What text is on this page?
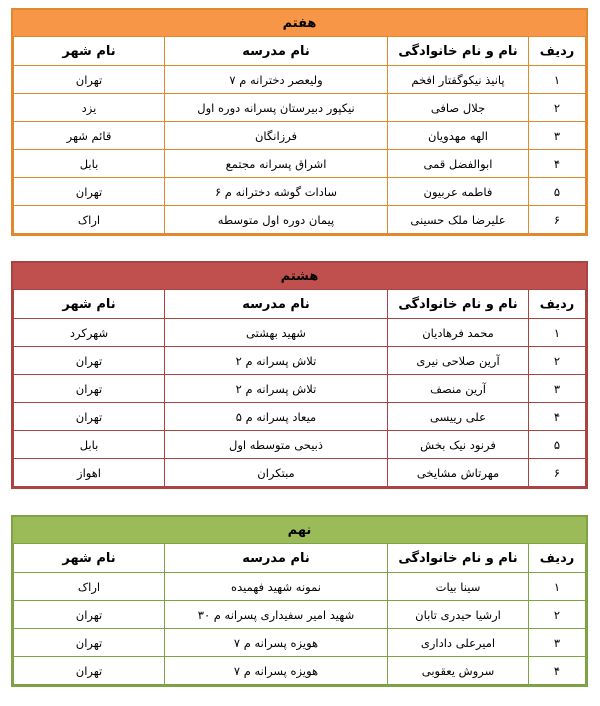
هفتم
ردیف	نام و نام خانوادگی	نام مدرسه	نام شهر
۱	پانیذ نیکوگفتار افخم	ولیعصر دخترانه م ۷	تهران
۲	جلال صافی	نیکپور دبیرستان پسرانه دوره اول	یزد
۳	الهه مهدویان	فرزانگان	قائم شهر
۴	ابوالفضل قمی	اشراق پسرانه مجتمع	بابل
۵	فاطمه عربیون	سادات گوشه دخترانه م ۶	تهران
۶	علیرضا ملک حسینی	پیمان دوره اول متوسطه	اراک
هشتم
ردیف	نام و نام خانوادگی	نام مدرسه	نام شهر
۱	محمد فرهادیان	شهید بهشتی	شهرکرد
۲	آرین صلاحی نیری	تلاش پسرانه م ۲	تهران
۳	آرین منصف	تلاش پسرانه م ۲	تهران
۴	علی رییسی	میعاد پسرانه م ۵	تهران
۵	فرنود نیک بخش	ذبیحی متوسطه اول	بابل
۶	مهرتاش مشایخی	مبتکران	اهواز
نهم
ردیف	نام و نام خانوادگی	نام مدرسه	نام شهر
۱	سینا بیات	نمونه شهید فهمیده	اراک
۲	ارشیا حیدری تابان	شهید امیر سفیداری پسرانه م ۳۰	تهران
۳	امیرعلی داداری	هویزه پسرانه م ۷	تهران
۴	سروش یعقوبی	هویزه پسرانه م ۷	تهران
